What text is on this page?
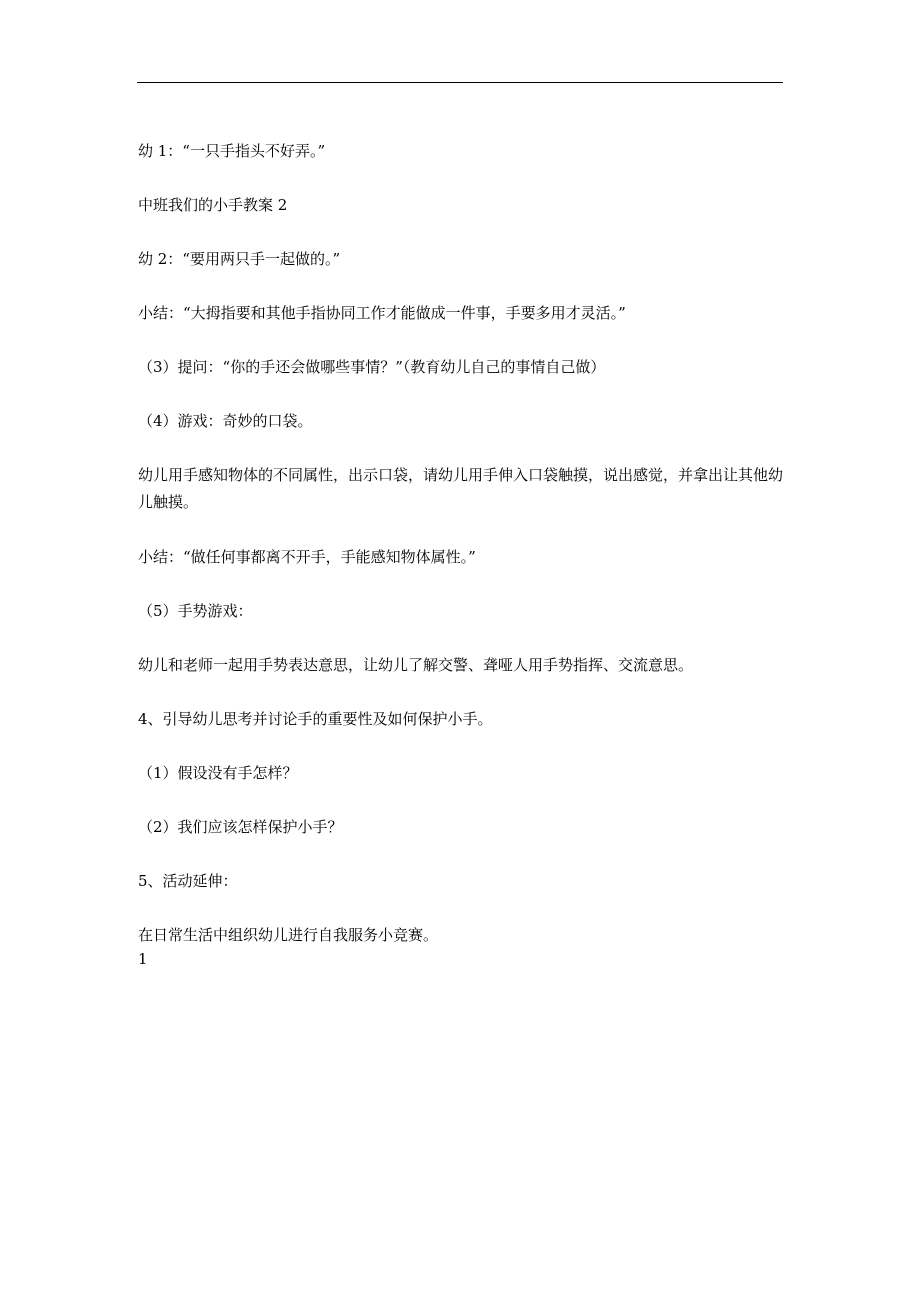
幼 1：“一只手指头不好弄。”

中班我们的小手教案 2

幼 2：“要用两只手一起做的。”

小结：“大拇指要和其他手指协同工作才能做成一件事，手要多用才灵活。”

（3）提问：“你的手还会做哪些事情？”（教育幼儿自己的事情自己做）

（4）游戏：奇妙的口袋。

幼儿用手感知物体的不同属性，出示口袋，请幼儿用手伸入口袋触摸，说出感觉，并拿出让其他幼儿触摸。

小结：“做任何事都离不开手，手能感知物体属性。”

（5）手势游戏：

幼儿和老师一起用手势表达意思，让幼儿了解交警、聋哑人用手势指挥、交流意思。

4、引导幼儿思考并讨论手的重要性及如何保护小手。

（1）假设没有手怎样？

（2）我们应该怎样保护小手？

5、活动延伸：

在日常生活中组织幼儿进行自我服务小竞赛。

1
